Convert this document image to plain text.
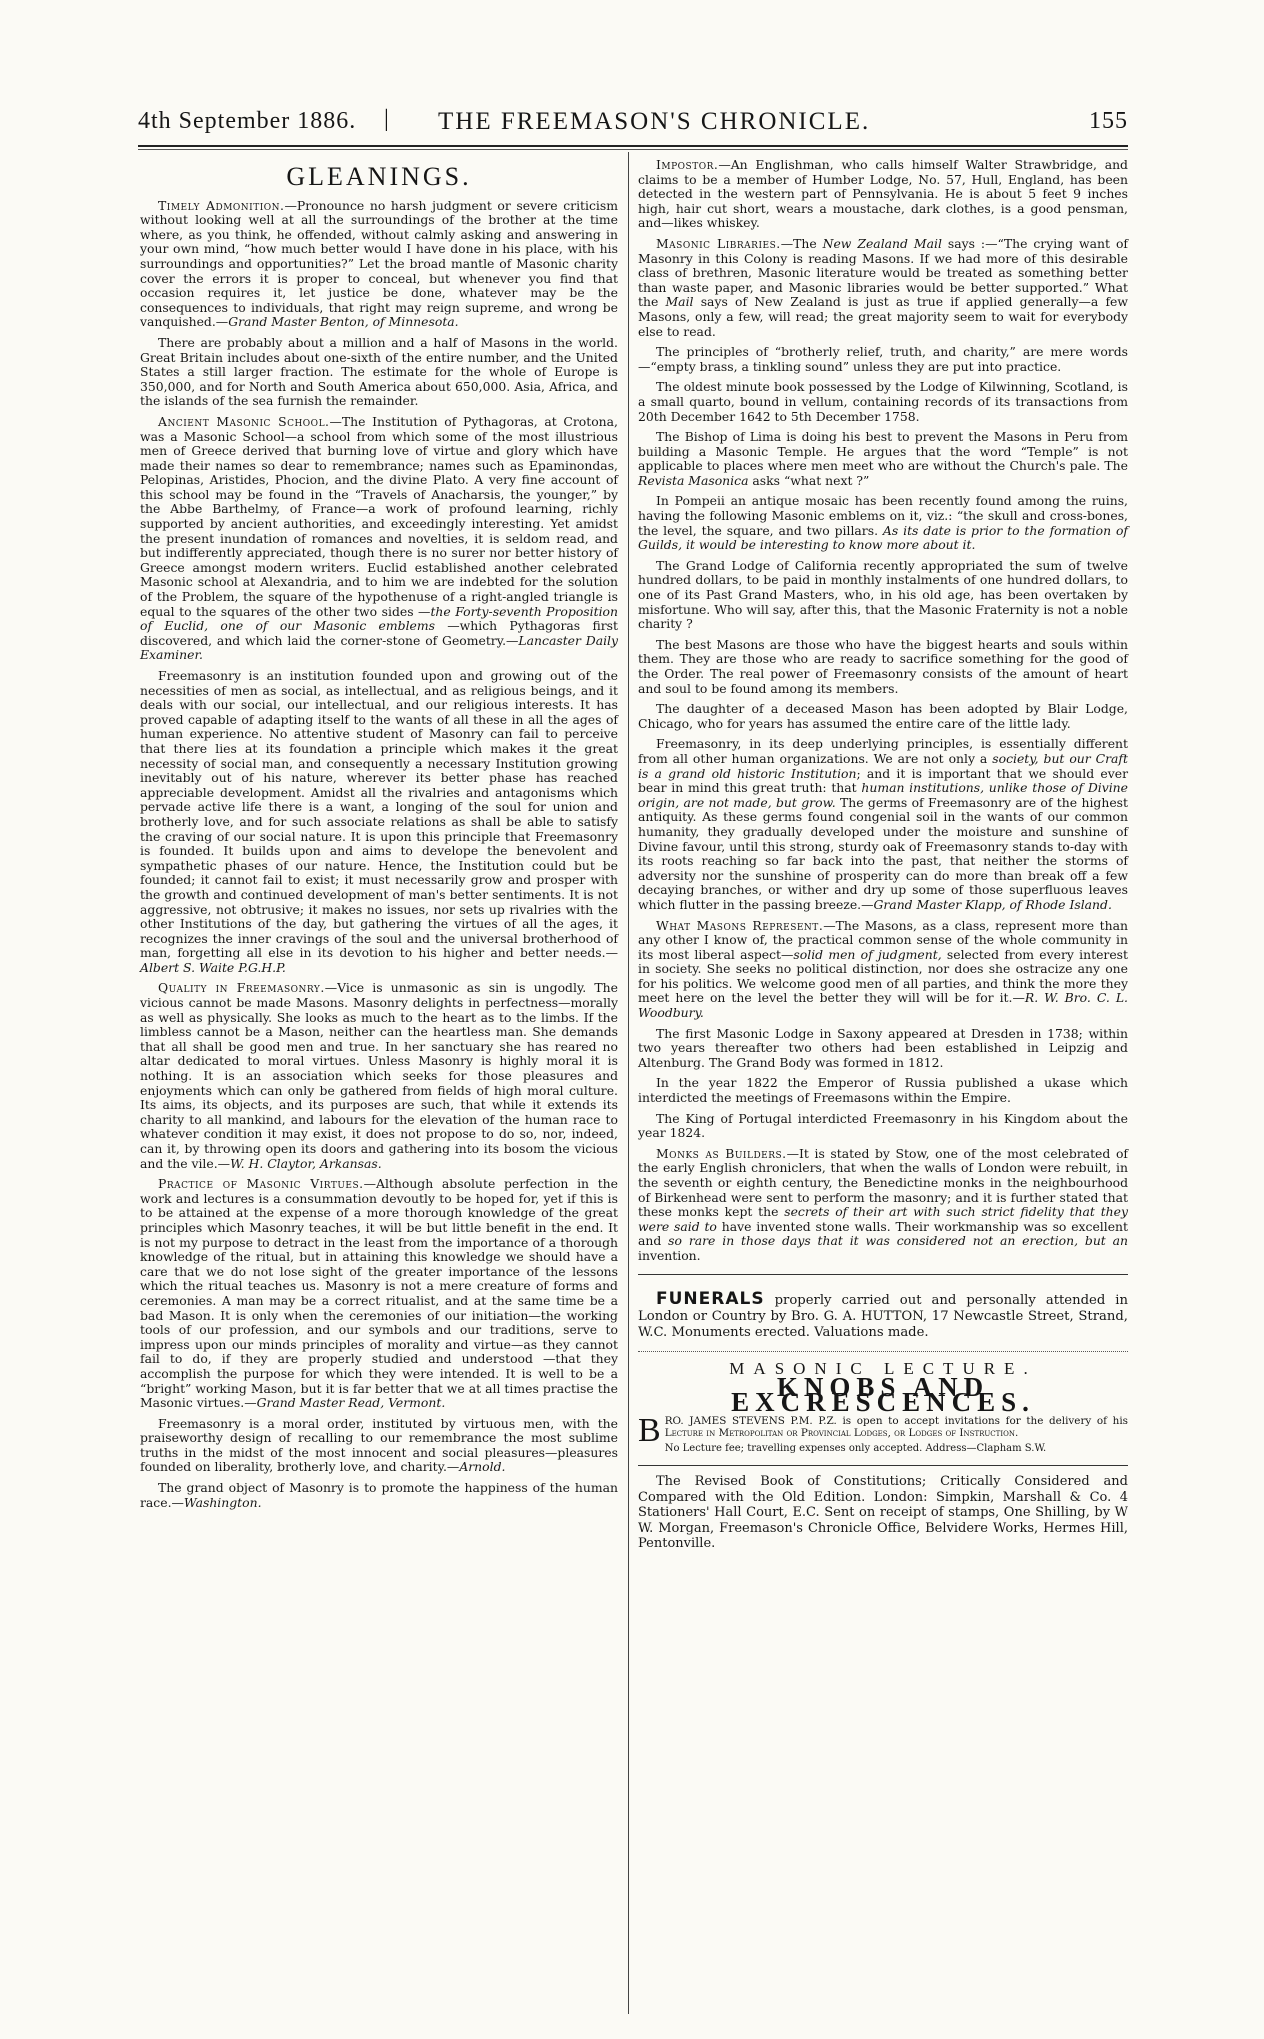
4th September 1886. | THE FREEMASON'S CHRONICLE.	155
GLEANINGS.

Timely Admonition.—Pronounce no harsh judgment or severe criticism without looking well at all the surroundings of the brother at the time where, as you think, he offended, without calmly asking and answering in your own mind, “how much better would I have done in his place, with his surroundings and opportunities?” Let the broad mantle of Masonic charity cover the errors it is proper to conceal, but whenever you find that occasion requires it, let justice be done, whatever may be the consequences to individuals, that right may reign supreme, and wrong be vanquished.—Grand Master Benton, of Minnesota.

There are probably about a million and a half of Masons in the world. Great Britain includes about one-sixth of the entire number, and the United States a still larger fraction. The estimate for the whole of Europe is 350,000, and for North and South America about 650,000. Asia, Africa, and the islands of the sea furnish the remainder.

Ancient Masonic School.—The Institution of Pythagoras, at Crotona, was a Masonic School—a school from which some of the most illustrious men of Greece derived that burning love of virtue and glory which have made their names so dear to remembrance; names such as Epaminondas, Pelopinas, Aristides, Phocion, and the divine Plato. A very fine account of this school may be found in the “Travels of Anacharsis, the younger,” by the Abbe Barthelmy, of France—a work of profound learning, richly supported by ancient authorities, and exceedingly interesting. Yet amidst the present inundation of romances and novelties, it is seldom read, and but indifferently appreciated, though there is no surer nor better history of Greece amongst modern writers. Euclid established another celebrated Masonic school at Alexandria, and to him we are indebted for the solution of the Problem, the square of the hypothenuse of a right-angled triangle is equal to the squares of the other two sides —the Forty-seventh Proposition of Euclid, one of our Masonic emblems —which Pythagoras first discovered, and which laid the corner-stone of Geometry.—Lancaster Daily Examiner.

Freemasonry is an institution founded upon and growing out of the necessities of men as social, as intellectual, and as religious beings, and it deals with our social, our intellectual, and our religious interests. It has proved capable of adapting itself to the wants of all these in all the ages of human experience. No attentive student of Masonry can fail to perceive that there lies at its foundation a principle which makes it the great necessity of social man, and consequently a necessary Institution growing inevitably out of his nature, wherever its better phase has reached appreciable development. Amidst all the rivalries and antagonisms which pervade active life there is a want, a longing of the soul for union and brotherly love, and for such associate relations as shall be able to satisfy the craving of our social nature. It is upon this principle that Freemasonry is founded. It builds upon and aims to develope the benevolent and sympathetic phases of our nature. Hence, the Institution could but be founded; it cannot fail to exist; it must necessarily grow and prosper with the growth and continued development of man's better sentiments. It is not aggressive, not obtrusive; it makes no issues, nor sets up rivalries with the other Institutions of the day, but gathering the virtues of all the ages, it recognizes the inner cravings of the soul and the universal brotherhood of man, forgetting all else in its devotion to his higher and better needs.—Albert S. Waite P.G.H.P.

Quality in Freemasonry.—Vice is unmasonic as sin is ungodly. The vicious cannot be made Masons. Masonry delights in perfectness—morally as well as physically. She looks as much to the heart as to the limbs. If the limbless cannot be a Mason, neither can the heartless man. She demands that all shall be good men and true. In her sanctuary she has reared no altar dedicated to moral virtues. Unless Masonry is highly moral it is nothing. It is an association which seeks for those pleasures and enjoyments which can only be gathered from fields of high moral culture. Its aims, its objects, and its purposes are such, that while it extends its charity to all mankind, and labours for the elevation of the human race to whatever condition it may exist, it does not propose to do so, nor, indeed, can it, by throwing open its doors and gathering into its bosom the vicious and the vile.—W. H. Claytor, Arkansas.

Practice of Masonic Virtues.—Although absolute perfection in the work and lectures is a consummation devoutly to be hoped for, yet if this is to be attained at the expense of a more thorough knowledge of the great principles which Masonry teaches, it will be but little benefit in the end. It is not my purpose to detract in the least from the importance of a thorough knowledge of the ritual, but in attaining this knowledge we should have a care that we do not lose sight of the greater importance of the lessons which the ritual teaches us. Masonry is not a mere creature of forms and ceremonies. A man may be a correct ritualist, and at the same time be a bad Mason. It is only when the ceremonies of our initiation—the working tools of our profession, and our symbols and our traditions, serve to impress upon our minds principles of morality and virtue—as they cannot fail to do, if they are properly studied and understood —that they accomplish the purpose for which they were intended. It is well to be a “bright” working Mason, but it is far better that we at all times practise the Masonic virtues.—Grand Master Read, Vermont.

Freemasonry is a moral order, instituted by virtuous men, with the praiseworthy design of recalling to our remembrance the most sublime truths in the midst of the most innocent and social pleasures—pleasures founded on liberality, brotherly love, and charity.—Arnold.

The grand object of Masonry is to promote the happiness of the human race.—Washington.

Impostor.—An Englishman, who calls himself Walter Strawbridge, and claims to be a member of Humber Lodge, No. 57, Hull, England, has been detected in the western part of Pennsylvania. He is about 5 feet 9 inches high, hair cut short, wears a moustache, dark clothes, is a good pensman, and—likes whiskey.

Masonic Libraries.—The New Zealand Mail says :—“The crying want of Masonry in this Colony is reading Masons. If we had more of this desirable class of brethren, Masonic literature would be treated as something better than waste paper, and Masonic libraries would be better supported.” What the Mail says of New Zealand is just as true if applied generally—a few Masons, only a few, will read; the great majority seem to wait for everybody else to read.

The principles of “brotherly relief, truth, and charity,” are mere words—“empty brass, a tinkling sound” unless they are put into practice.

The oldest minute book possessed by the Lodge of Kilwinning, Scotland, is a small quarto, bound in vellum, containing records of its transactions from 20th December 1642 to 5th December 1758.

The Bishop of Lima is doing his best to prevent the Masons in Peru from building a Masonic Temple. He argues that the word “Temple” is not applicable to places where men meet who are without the Church's pale. The Revista Masonica asks “what next ?”

In Pompeii an antique mosaic has been recently found among the ruins, having the following Masonic emblems on it, viz.: “the skull and cross-bones, the level, the square, and two pillars. As its date is prior to the formation of Guilds, it would be interesting to know more about it.

The Grand Lodge of California recently appropriated the sum of twelve hundred dollars, to be paid in monthly instalments of one hundred dollars, to one of its Past Grand Masters, who, in his old age, has been overtaken by misfortune. Who will say, after this, that the Masonic Fraternity is not a noble charity ?

The best Masons are those who have the biggest hearts and souls within them. They are those who are ready to sacrifice something for the good of the Order. The real power of Freemasonry consists of the amount of heart and soul to be found among its members.

The daughter of a deceased Mason has been adopted by Blair Lodge, Chicago, who for years has assumed the entire care of the little lady.

Freemasonry, in its deep underlying principles, is essentially different from all other human organizations. We are not only a society, but our Craft is a grand old historic Institution; and it is important that we should ever bear in mind this great truth: that human institutions, unlike those of Divine origin, are not made, but grow. The germs of Freemasonry are of the highest antiquity. As these germs found congenial soil in the wants of our common humanity, they gradually developed under the moisture and sunshine of Divine favour, until this strong, sturdy oak of Freemasonry stands to-day with its roots reaching so far back into the past, that neither the storms of adversity nor the sunshine of prosperity can do more than break off a few decaying branches, or wither and dry up some of those superfluous leaves which flutter in the passing breeze.—Grand Master Klapp, of Rhode Island.

What Masons Represent.—The Masons, as a class, represent more than any other I know of, the practical common sense of the whole community in its most liberal aspect—solid men of judgment, selected from every interest in society. She seeks no political distinction, nor does she ostracize any one for his politics. We welcome good men of all parties, and think the more they meet here on the level the better they will will be for it.—R. W. Bro. C. L. Woodbury.

The first Masonic Lodge in Saxony appeared at Dresden in 1738; within two years thereafter two others had been established in Leipzig and Altenburg. The Grand Body was formed in 1812.

In the year 1822 the Emperor of Russia published a ukase which interdicted the meetings of Freemasons within the Empire.

The King of Portugal interdicted Freemasonry in his Kingdom about the year 1824.

Monks as Builders.—It is stated by Stow, one of the most celebrated of the early English chroniclers, that when the walls of London were rebuilt, in the seventh or eighth century, the Benedictine monks in the neighbourhood of Birkenhead were sent to perform the masonry; and it is further stated that these monks kept the secrets of their art with such strict fidelity that they were said to have invented stone walls. Their workmanship was so excellent and so rare in those days that it was considered not an erection, but an invention.

FUNERALS properly carried out and personally attended in London or Country by Bro. G. A. HUTTON, 17 Newcastle Street, Strand, W.C. Monuments erected. Valuations made.

MASONIC LECTURE.
KNOBS AND EXCRESCENCES.
BRO. JAMES STEVENS P.M. P.Z. is open to accept invitations for the delivery of his Lecture in Metropolitan or Provincial Lodges, or Lodges of Instruction.
No Lecture fee; travelling expenses only accepted. Address—Clapham S.W.

The Revised Book of Constitutions; Critically Considered and Compared with the Old Edition. London: Simpkin, Marshall & Co. 4 Stationers' Hall Court, E.C. Sent on receipt of stamps, One Shilling, by W W. Morgan, Freemason's Chronicle Office, Belvidere Works, Hermes Hill, Pentonville.
